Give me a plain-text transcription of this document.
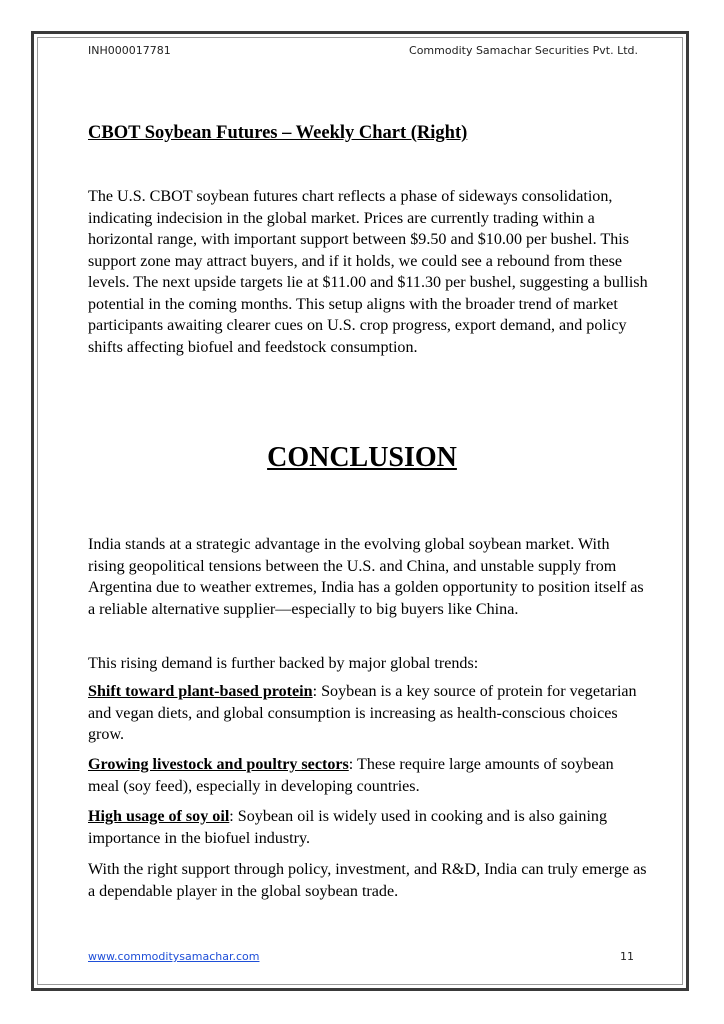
INH000017781	Commodity Samachar Securities Pvt. Ltd.
CBOT Soybean Futures – Weekly Chart (Right)

The U.S. CBOT soybean futures chart reflects a phase of sideways consolidation, indicating indecision in the global market. Prices are currently trading within a horizontal range, with important support between $9.50 and $10.00 per bushel. This support zone may attract buyers, and if it holds, we could see a rebound from these levels. The next upside targets lie at $11.00 and $11.30 per bushel, suggesting a bullish potential in the coming months. This setup aligns with the broader trend of market participants awaiting clearer cues on U.S. crop progress, export demand, and policy shifts affecting biofuel and feedstock consumption.

CONCLUSION

India stands at a strategic advantage in the evolving global soybean market. With rising geopolitical tensions between the U.S. and China, and unstable supply from Argentina due to weather extremes, India has a golden opportunity to position itself as a reliable alternative supplier—especially to big buyers like China.

This rising demand is further backed by major global trends:

Shift toward plant-based protein: Soybean is a key source of protein for vegetarian and vegan diets, and global consumption is increasing as health-conscious choices grow.

Growing livestock and poultry sectors: These require large amounts of soybean meal (soy feed), especially in developing countries.

High usage of soy oil: Soybean oil is widely used in cooking and is also gaining importance in the biofuel industry.

With the right support through policy, investment, and R&D, India can truly emerge as a dependable player in the global soybean trade.

www.commoditysamachar.com	11
